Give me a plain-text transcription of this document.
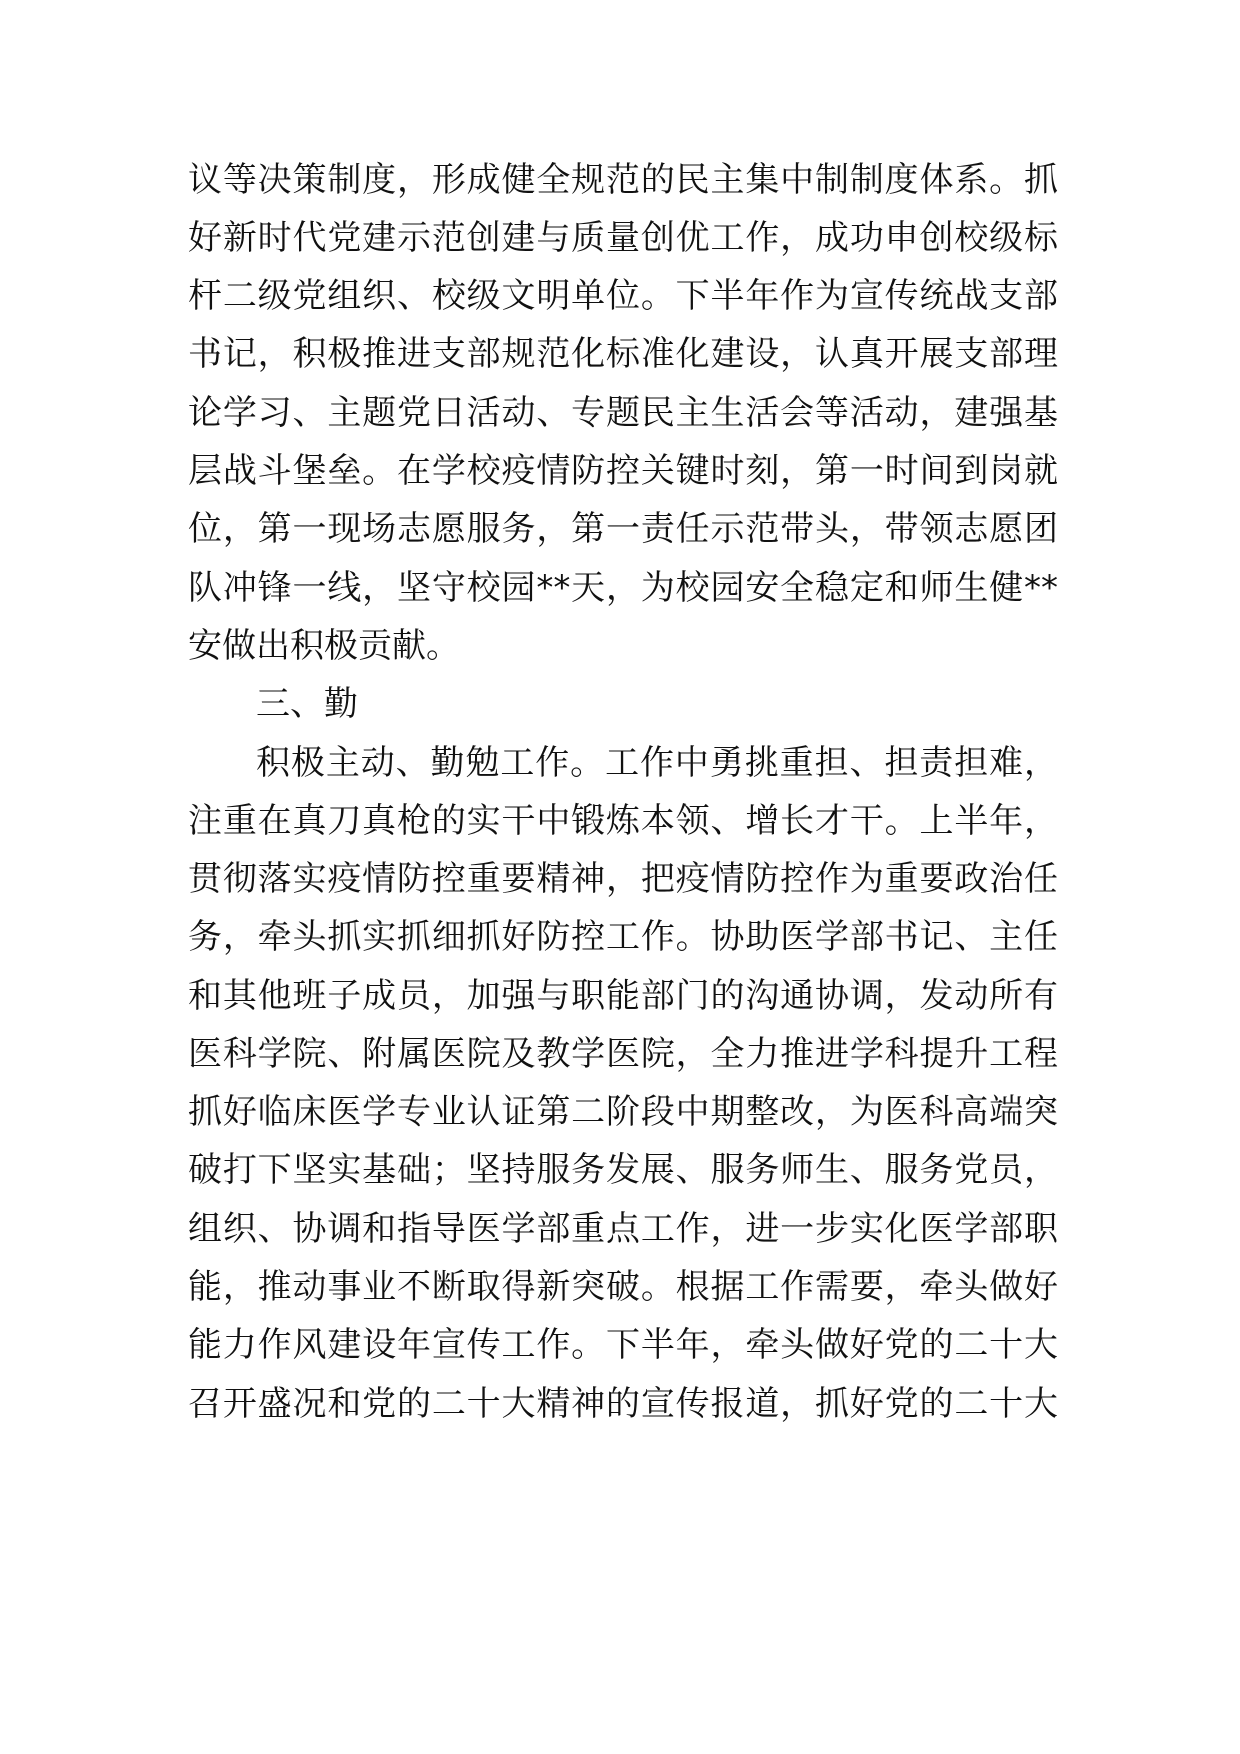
议等决策制度，形成健全规范的民主集中制制度体系。抓
好新时代党建示范创建与质量创优工作，成功申创校级标
杆二级党组织、校级文明单位。下半年作为宣传统战支部
书记，积极推进支部规范化标准化建设，认真开展支部理
论学习、主题党日活动、专题民主生活会等活动，建强基
层战斗堡垒。在学校疫情防控关键时刻，第一时间到岗就
位，第一现场志愿服务，第一责任示范带头，带领志愿团
队冲锋一线，坚守校园**天，为校园安全稳定和师生健**
安做出积极贡献。
三、勤
积极主动、勤勉工作。工作中勇挑重担、担责担难，
注重在真刀真枪的实干中锻炼本领、增长才干。上半年，
贯彻落实疫情防控重要精神，把疫情防控作为重要政治任
务，牵头抓实抓细抓好防控工作。协助医学部书记、主任
和其他班子成员，加强与职能部门的沟通协调，发动所有
医科学院、附属医院及教学医院，全力推进学科提升工程
抓好临床医学专业认证第二阶段中期整改，为医科高端突
破打下坚实基础；坚持服务发展、服务师生、服务党员，
组织、协调和指导医学部重点工作，进一步实化医学部职
能，推动事业不断取得新突破。根据工作需要，牵头做好
能力作风建设年宣传工作。下半年，牵头做好党的二十大
召开盛况和党的二十大精神的宣传报道，抓好党的二十大
